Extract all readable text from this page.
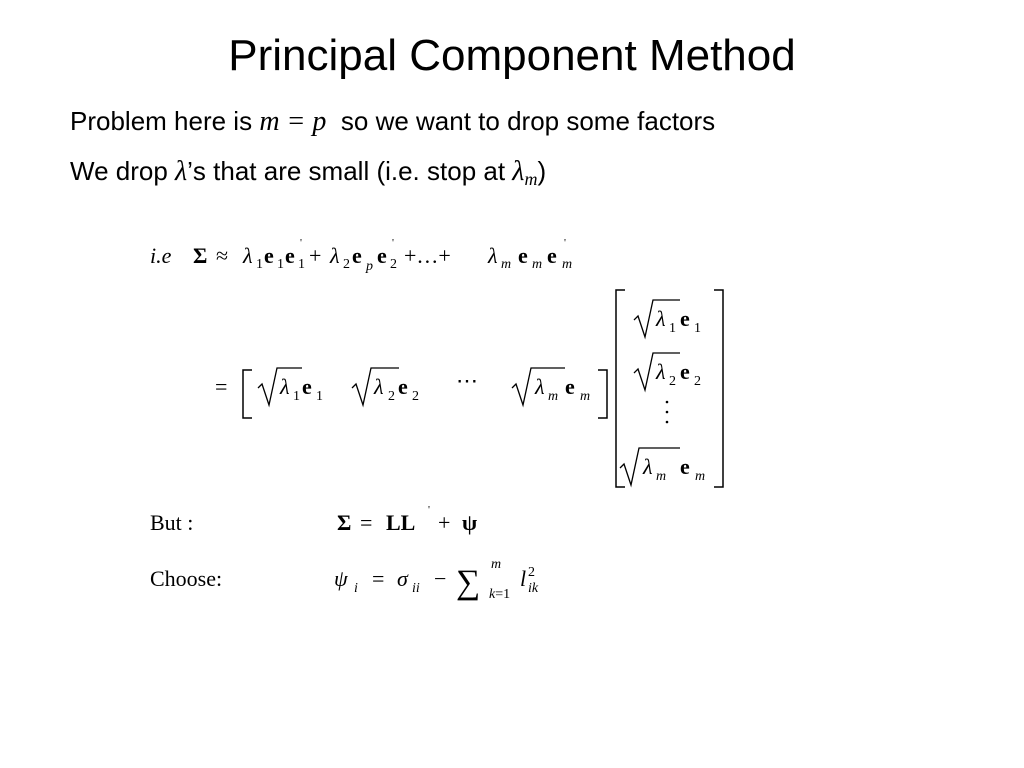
Principal Component Method
Problem here is m = p  so we want to drop some factors
We drop λ’s that are small (i.e. stop at $\lambda_m$)
i.e Σ ≈ λ 1 e 1 e '
1 + λ 2 e p e '
2 +…+ λ m e m e '
m
= λ 1 e 1 λ 2 e 2
⋯	λ m e m
λ 1 e 1
λ 2 e 2
λ m e m
But :	Σ = LL ' + ψ
Choose:	ψ i = σ ii − ∑ m
k=1
l 2
ik
